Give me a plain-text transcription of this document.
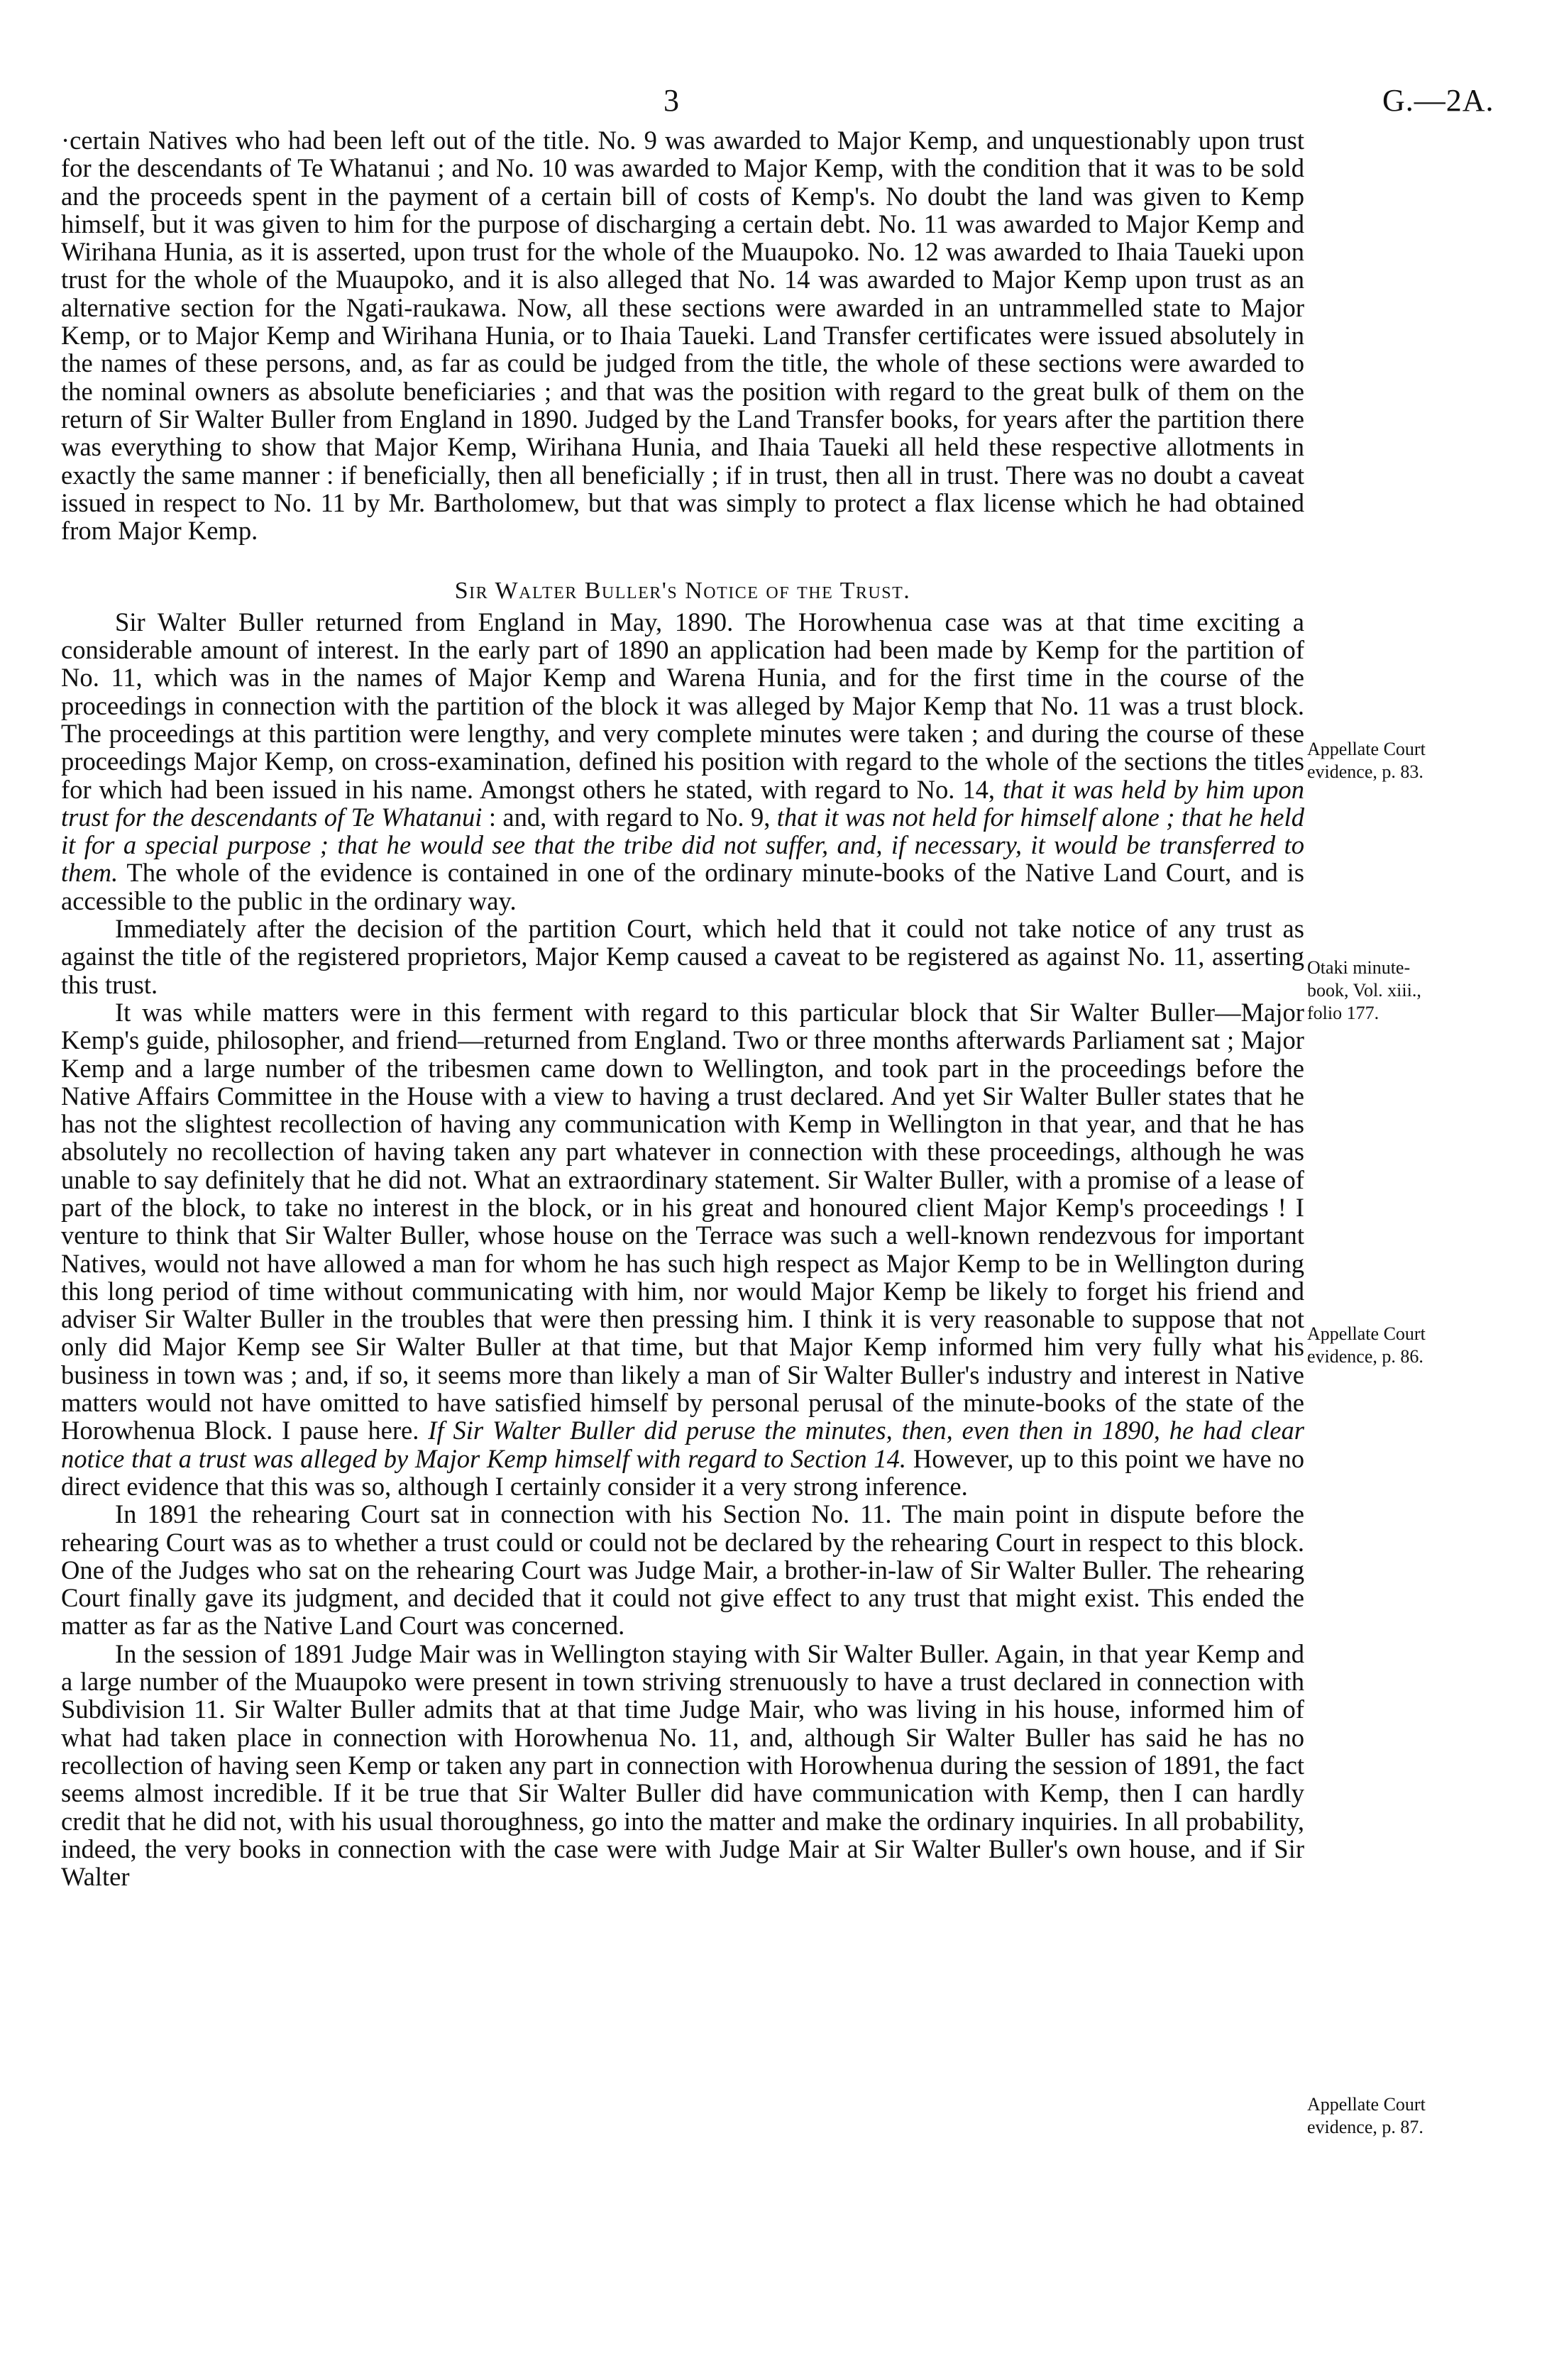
3	G.—2A.

·certain Natives who had been left out of the title. No. 9 was awarded to Major Kemp, and unquestionably upon trust for the descendants of Te Whatanui ; and No. 10 was awarded to Major Kemp, with the condition that it was to be sold and the proceeds spent in the payment of a certain bill of costs of Kemp's. No doubt the land was given to Kemp himself, but it was given to him for the purpose of discharging a certain debt. No. 11 was awarded to Major Kemp and Wirihana Hunia, as it is asserted, upon trust for the whole of the Muaupoko. No. 12 was awarded to Ihaia Taueki upon trust for the whole of the Muaupoko, and it is also alleged that No. 14 was awarded to Major Kemp upon trust as an alternative section for the Ngati-raukawa. Now, all these sections were awarded in an untrammelled state to Major Kemp, or to Major Kemp and Wirihana Hunia, or to Ihaia Taueki. Land Transfer certificates were issued absolutely in the names of these persons, and, as far as could be judged from the title, the whole of these sections were awarded to the nominal owners as absolute beneficiaries ; and that was the position with regard to the great bulk of them on the return of Sir Walter Buller from England in 1890. Judged by the Land Transfer books, for years after the partition there was everything to show that Major Kemp, Wirihana Hunia, and Ihaia Taueki all held these respective allotments in exactly the same manner : if beneficially, then all beneficially ; if in trust, then all in trust. There was no doubt a caveat issued in respect to No. 11 by Mr. Bartholomew, but that was simply to protect a flax license which he had obtained from Major Kemp.

Sir Walter Buller's Notice of the Trust.

Sir Walter Buller returned from England in May, 1890. The Horowhenua case was at that time exciting a considerable amount of interest. In the early part of 1890 an application had been made by Kemp for the partition of No. 11, which was in the names of Major Kemp and Warena Hunia, and for the first time in the course of the proceedings in connection with the partition of the block it was alleged by Major Kemp that No. 11 was a trust block. The proceedings at this partition were lengthy, and very complete minutes were taken ; and during the course of these proceedings Major Kemp, on cross-examination, defined his position with regard to the whole of the sections the titles for which had been issued in his name. Amongst others he stated, with regard to No. 14, that it was held by him upon trust for the descendants of Te Whatanui : and, with regard to No. 9, that it was not held for himself alone ; that he held it for a special purpose ; that he would see that the tribe did not suffer, and, if necessary, it would be transferred to them. The whole of the evidence is contained in one of the ordinary minute-books of the Native Land Court, and is accessible to the public in the ordinary way.

Immediately after the decision of the partition Court, which held that it could not take notice of any trust as against the title of the registered proprietors, Major Kemp caused a caveat to be registered as against No. 11, asserting this trust.

It was while matters were in this ferment with regard to this particular block that Sir Walter Buller—Major Kemp's guide, philosopher, and friend—returned from England. Two or three months afterwards Parliament sat ; Major Kemp and a large number of the tribesmen came down to Wellington, and took part in the proceedings before the Native Affairs Committee in the House with a view to having a trust declared. And yet Sir Walter Buller states that he has not the slightest recollection of having any communication with Kemp in Wellington in that year, and that he has absolutely no recollection of having taken any part whatever in connection with these proceedings, although he was unable to say definitely that he did not. What an extraordinary statement. Sir Walter Buller, with a promise of a lease of part of the block, to take no interest in the block, or in his great and honoured client Major Kemp's proceedings ! I venture to think that Sir Walter Buller, whose house on the Terrace was such a well-known rendezvous for important Natives, would not have allowed a man for whom he has such high respect as Major Kemp to be in Wellington during this long period of time without communicating with him, nor would Major Kemp be likely to forget his friend and adviser Sir Walter Buller in the troubles that were then pressing him. I think it is very reasonable to suppose that not only did Major Kemp see Sir Walter Buller at that time, but that Major Kemp informed him very fully what his business in town was ; and, if so, it seems more than likely a man of Sir Walter Buller's industry and interest in Native matters would not have omitted to have satisfied himself by personal perusal of the minute-books of the state of the Horowhenua Block. I pause here. If Sir Walter Buller did peruse the minutes, then, even then in 1890, he had clear notice that a trust was alleged by Major Kemp himself with regard to Section 14. However, up to this point we have no direct evidence that this was so, although I certainly consider it a very strong inference.

In 1891 the rehearing Court sat in connection with his Section No. 11. The main point in dispute before the rehearing Court was as to whether a trust could or could not be declared by the rehearing Court in respect to this block. One of the Judges who sat on the rehearing Court was Judge Mair, a brother-in-law of Sir Walter Buller. The rehearing Court finally gave its judgment, and decided that it could not give effect to any trust that might exist. This ended the matter as far as the Native Land Court was concerned.

In the session of 1891 Judge Mair was in Wellington staying with Sir Walter Buller. Again, in that year Kemp and a large number of the Muaupoko were present in town striving strenuously to have a trust declared in connection with Subdivision 11. Sir Walter Buller admits that at that time Judge Mair, who was living in his house, informed him of what had taken place in connection with Horowhenua No. 11, and, although Sir Walter Buller has said he has no recollection of having seen Kemp or taken any part in connection with Horowhenua during the session of 1891, the fact seems almost incredible. If it be true that Sir Walter Buller did have communication with Kemp, then I can hardly credit that he did not, with his usual thoroughness, go into the matter and make the ordinary inquiries. In all probability, indeed, the very books in connection with the case were with Judge Mair at Sir Walter Buller's own house, and if Sir Walter

Appellate Court
evidence, p. 83.
Otaki minute-
book, Vol. xiii.,
folio 177.
Appellate Court
evidence, p. 86.
Appellate Court
evidence, p. 87.
